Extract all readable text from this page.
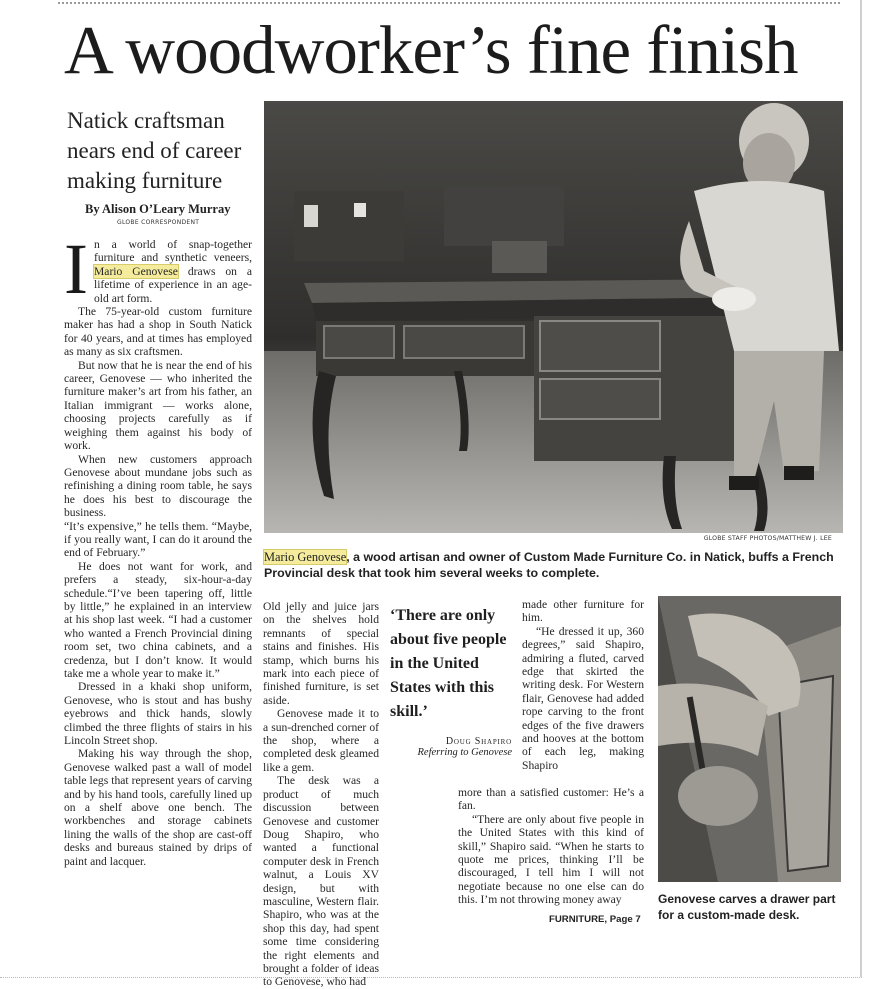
A woodworker’s fine finish
Natick craftsman nears end of career making furniture
By Alison O’Leary Murray
GLOBE CORRESPONDENT

In a world of snap-together furniture and synthetic veneers, Mario Genovese draws on a lifetime of experience in an age-old art form.

The 75-year-old custom furniture maker has had a shop in South Natick for 40 years, and at times has employed as many as six craftsmen.

But now that he is near the end of his career, Genovese — who inherited the furniture maker’s art from his father, an Italian immigrant — works alone, choosing projects carefully as if weighing them against his body of work.

When new customers approach Genovese about mundane jobs such as refinishing a dining room table, he says he does his best to discourage the business.

“It’s expensive,” he tells them. “Maybe, if you really want, I can do it around the end of February.”

He does not want for work, and prefers a steady, six-hour-a-day schedule.“I’ve been tapering off, little by little,” he explained in an interview at his shop last week. “I had a customer who wanted a French Provincial dining room set, two china cabinets, and a credenza, but I don’t know. It would take me a whole year to make it.”

Dressed in a khaki shop uniform, Genovese, who is stout and has bushy eyebrows and thick hands, slowly climbed the three flights of stairs in his Lincoln Street shop.

Making his way through the shop, Genovese walked past a wall of model table legs that represent years of carving and by his hand tools, carefully lined up on a shelf above one bench. The workbenches and storage cabinets lining the walls of the shop are cast-off desks and bureaus stained by drips of paint and lacquer.

GLOBE STAFF PHOTOS/MATTHEW J. LEE
Mario Genovese, a wood artisan and owner of Custom Made Furniture Co. in Natick, buffs a French Provincial desk that took him several weeks to complete.

Old jelly and juice jars on the shelves hold remnants of special stains and finishes. His stamp, which burns his mark into each piece of finished furniture, is set aside.

Genovese made it to a sun-drenched corner of the shop, where a completed desk gleamed like a gem.

The desk was a product of much discussion between Genovese and customer Doug Shapiro, who wanted a functional computer desk in French walnut, a Louis XV design, but with masculine, Western flair. Shapiro, who was at the shop this day, had spent some time considering the right elements and brought a folder of ideas to Genovese, who had

‘There are only about five people in the United States with this skill.’

Doug Shapiro
Referring to Genovese

made other furniture for him.

“He dressed it up, 360 degrees,” said Shapiro, admiring a fluted, carved edge that skirted the writing desk. For Western flair, Genovese had added rope carving to the front edges of the five drawers and hooves at the bottom of each leg, making Shapiro

more than a satisfied customer: He’s a fan.

“There are only about five people in the United States with this kind of skill,” Shapiro said. “When he starts to quote me prices, thinking I’ll be discouraged, I tell him I will not negotiate because no one else can do this. I’m not throwing money away

FURNITURE, Page 7
Genovese carves a drawer part for a custom-made desk.
